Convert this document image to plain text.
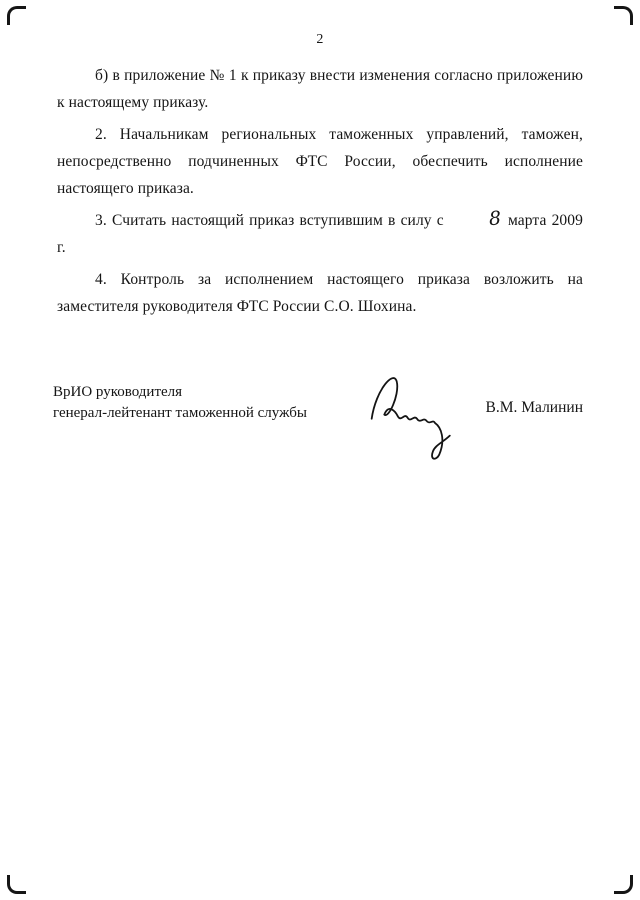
2

б) в приложение № 1 к приказу внести изменения согласно приложению к настоящему приказу.

2. Начальникам региональных таможенных управлений, таможен, непосредственно подчиненных ФТС России, обеспечить исполнение настоящего приказа.

3. Считать настоящий приказ вступившим в силу с 8 марта 2009 г.

4. Контроль за исполнением настоящего приказа возложить на заместителя руководителя ФТС России С.О. Шохина.

ВрИО руководителя
генерал-лейтенант таможенной службы	В.М. Малинин
